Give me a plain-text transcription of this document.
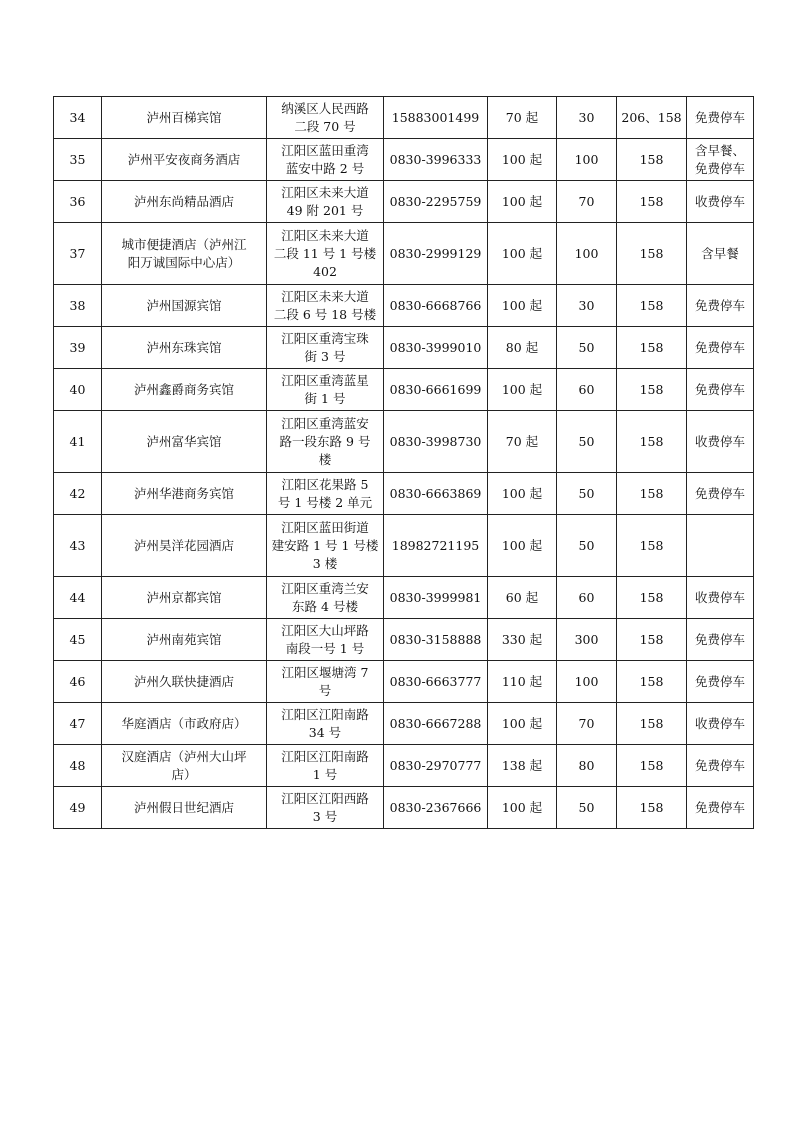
34	泸州百梯宾馆	纳溪区人民西路
二段 70 号	15883001499	70 起	30	206、158	免费停车
35	泸州平安夜商务酒店	江阳区蓝田重湾
蓝安中路 2 号	0830-3996333	100 起	100	158	含早餐、
免费停车
36	泸州东尚精品酒店	江阳区未来大道
49 附 201 号	0830-2295759	100 起	70	158	收费停车
37	城市便捷酒店（泸州江
阳万诚国际中心店）	江阳区未来大道
二段 11 号 1 号楼
402	0830-2999129	100 起	100	158	含早餐
38	泸州国源宾馆	江阳区未来大道
二段 6 号 18 号楼	0830-6668766	100 起	30	158	免费停车
39	泸州东珠宾馆	江阳区重湾宝珠
街 3 号	0830-3999010	80 起	50	158	免费停车
40	泸州鑫爵商务宾馆	江阳区重湾蓝星
街 1 号	0830-6661699	100 起	60	158	免费停车
41	泸州富华宾馆	江阳区重湾蓝安
路一段东路 9 号
楼	0830-3998730	70 起	50	158	收费停车
42	泸州华港商务宾馆	江阳区花果路 5
号 1 号楼 2 单元	0830-6663869	100 起	50	158	免费停车
43	泸州昊洋花园酒店	江阳区蓝田街道
建安路 1 号 1 号楼
3 楼	18982721195	100 起	50	158	
44	泸州京都宾馆	江阳区重湾兰安
东路 4 号楼	0830-3999981	60 起	60	158	收费停车
45	泸州南苑宾馆	江阳区大山坪路
南段一号 1 号	0830-3158888	330 起	300	158	免费停车
46	泸州久联快捷酒店	江阳区堰塘湾 7
号	0830-6663777	110 起	100	158	免费停车
47	华庭酒店（市政府店）	江阳区江阳南路
34 号	0830-6667288	100 起	70	158	收费停车
48	汉庭酒店（泸州大山坪
店）	江阳区江阳南路
1 号	0830-2970777	138 起	80	158	免费停车
49	泸州假日世纪酒店	江阳区江阳西路
3 号	0830-2367666	100 起	50	158	免费停车
